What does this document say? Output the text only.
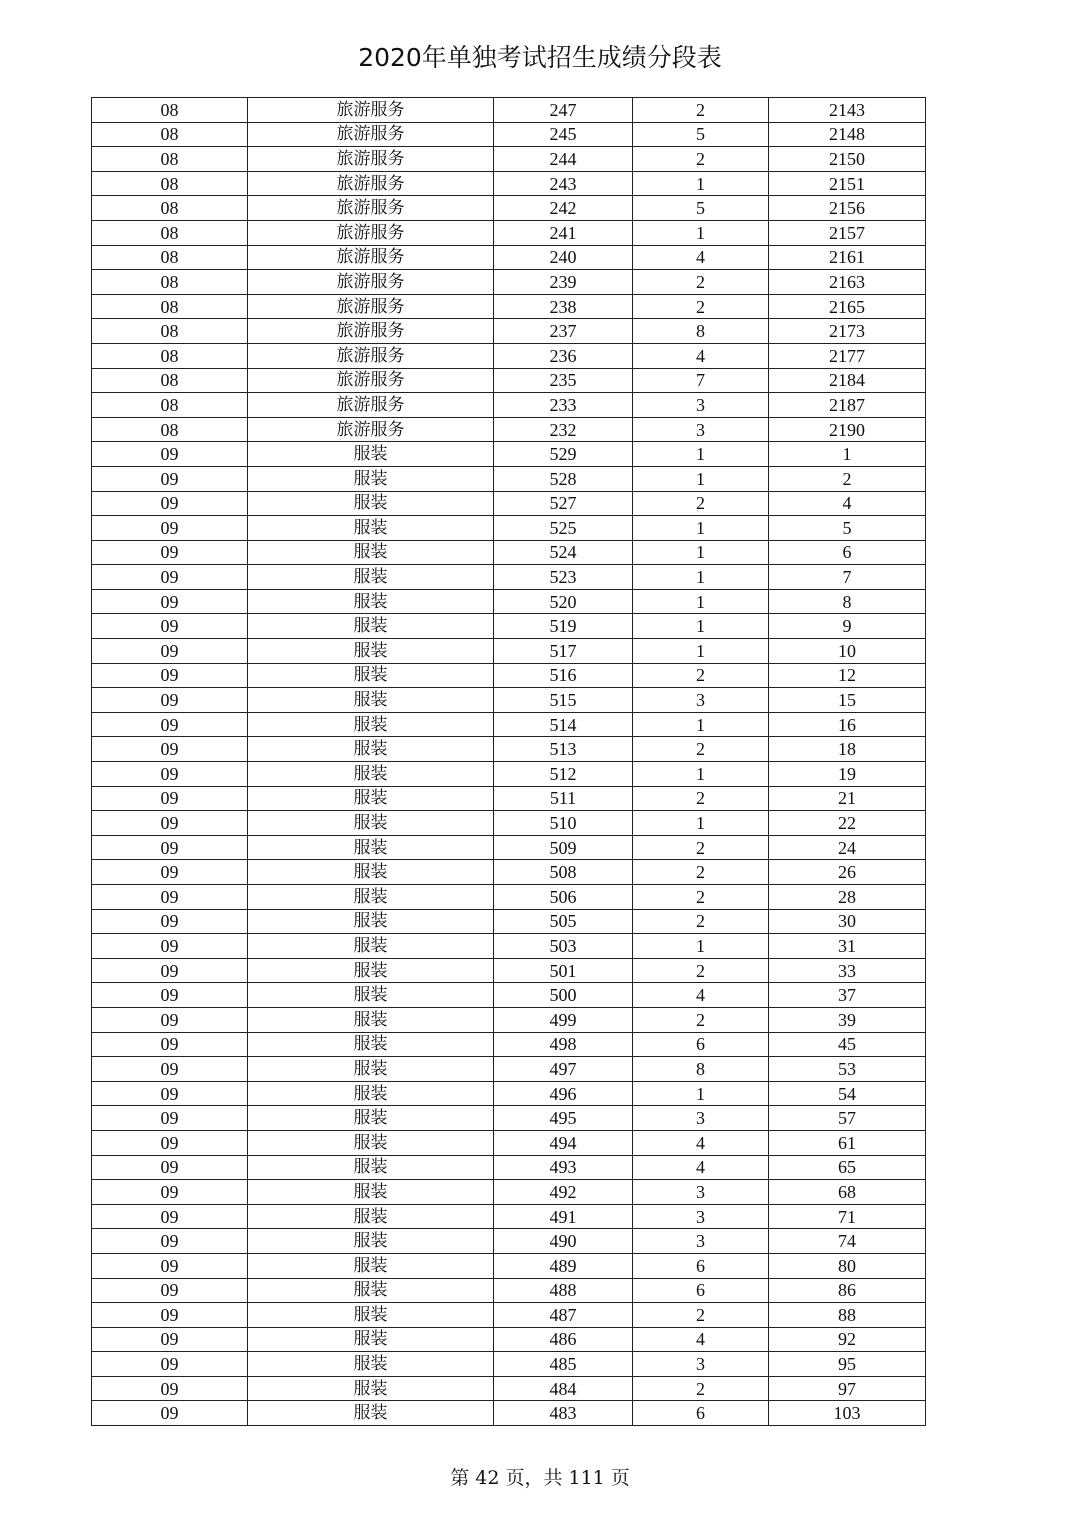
2020年单独考试招生成绩分段表
08	旅游服务	247	2	2143
08	旅游服务	245	5	2148
08	旅游服务	244	2	2150
08	旅游服务	243	1	2151
08	旅游服务	242	5	2156
08	旅游服务	241	1	2157
08	旅游服务	240	4	2161
08	旅游服务	239	2	2163
08	旅游服务	238	2	2165
08	旅游服务	237	8	2173
08	旅游服务	236	4	2177
08	旅游服务	235	7	2184
08	旅游服务	233	3	2187
08	旅游服务	232	3	2190
09	服装	529	1	1
09	服装	528	1	2
09	服装	527	2	4
09	服装	525	1	5
09	服装	524	1	6
09	服装	523	1	7
09	服装	520	1	8
09	服装	519	1	9
09	服装	517	1	10
09	服装	516	2	12
09	服装	515	3	15
09	服装	514	1	16
09	服装	513	2	18
09	服装	512	1	19
09	服装	511	2	21
09	服装	510	1	22
09	服装	509	2	24
09	服装	508	2	26
09	服装	506	2	28
09	服装	505	2	30
09	服装	503	1	31
09	服装	501	2	33
09	服装	500	4	37
09	服装	499	2	39
09	服装	498	6	45
09	服装	497	8	53
09	服装	496	1	54
09	服装	495	3	57
09	服装	494	4	61
09	服装	493	4	65
09	服装	492	3	68
09	服装	491	3	71
09	服装	490	3	74
09	服装	489	6	80
09	服装	488	6	86
09	服装	487	2	88
09	服装	486	4	92
09	服装	485	3	95
09	服装	484	2	97
09	服装	483	6	103
第 42 页，共 111 页
